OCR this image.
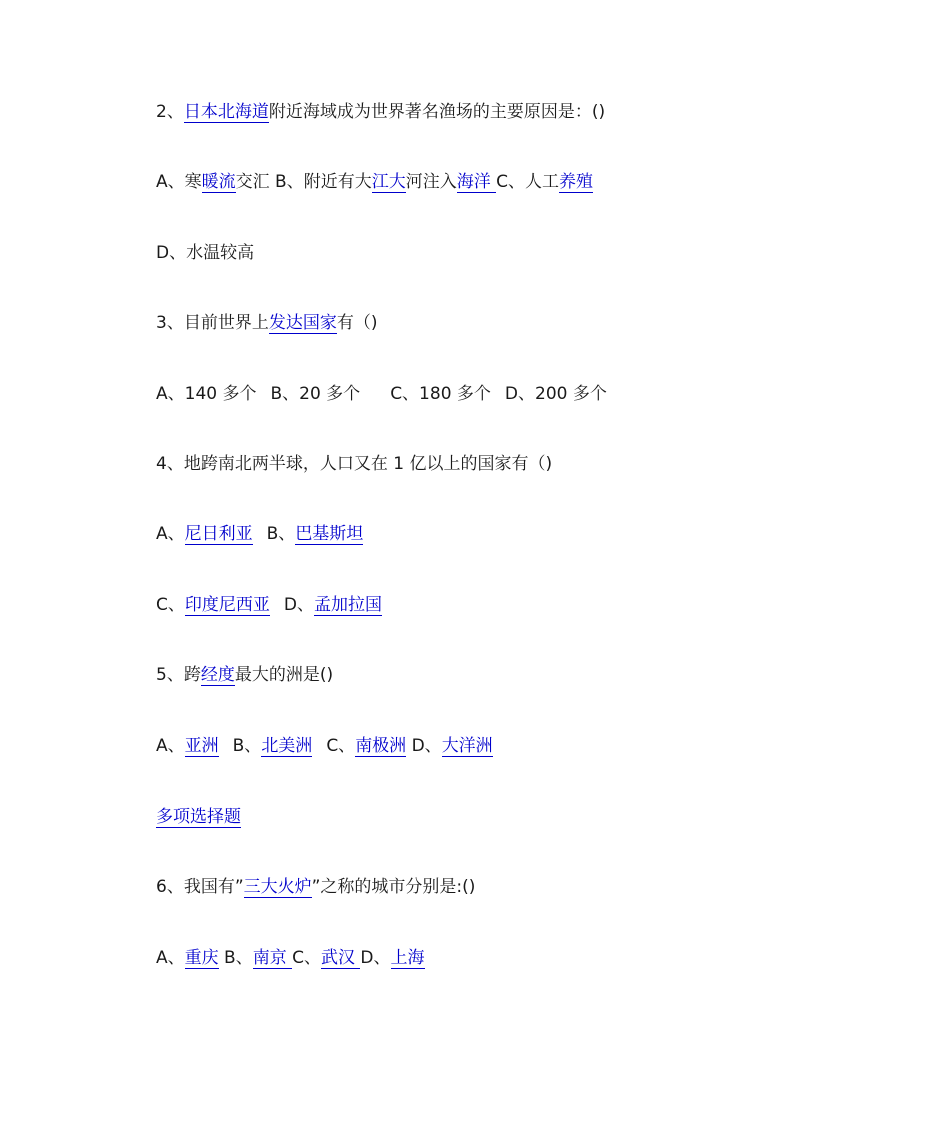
2、日本北海道附近海域成为世界著名渔场的主要原因是：()
A、寒暖流交汇 B、附近有大江大河注入海洋 C、人工养殖
D、水温较高
3、目前世界上发达国家有（)
A、140 多个 B、20 多个 C、180 多个 D、200 多个
4、地跨南北两半球，人口又在 1 亿以上的国家有（)
A、尼日利亚 B、巴基斯坦
C、印度尼西亚 D、孟加拉国
5、跨经度最大的洲是()
A、亚洲 B、北美洲 C、南极洲 D、大洋洲
多项选择题
6、我国有”三大火炉”之称的城市分别是:()
A、重庆 B、南京 C、武汉 D、上海
